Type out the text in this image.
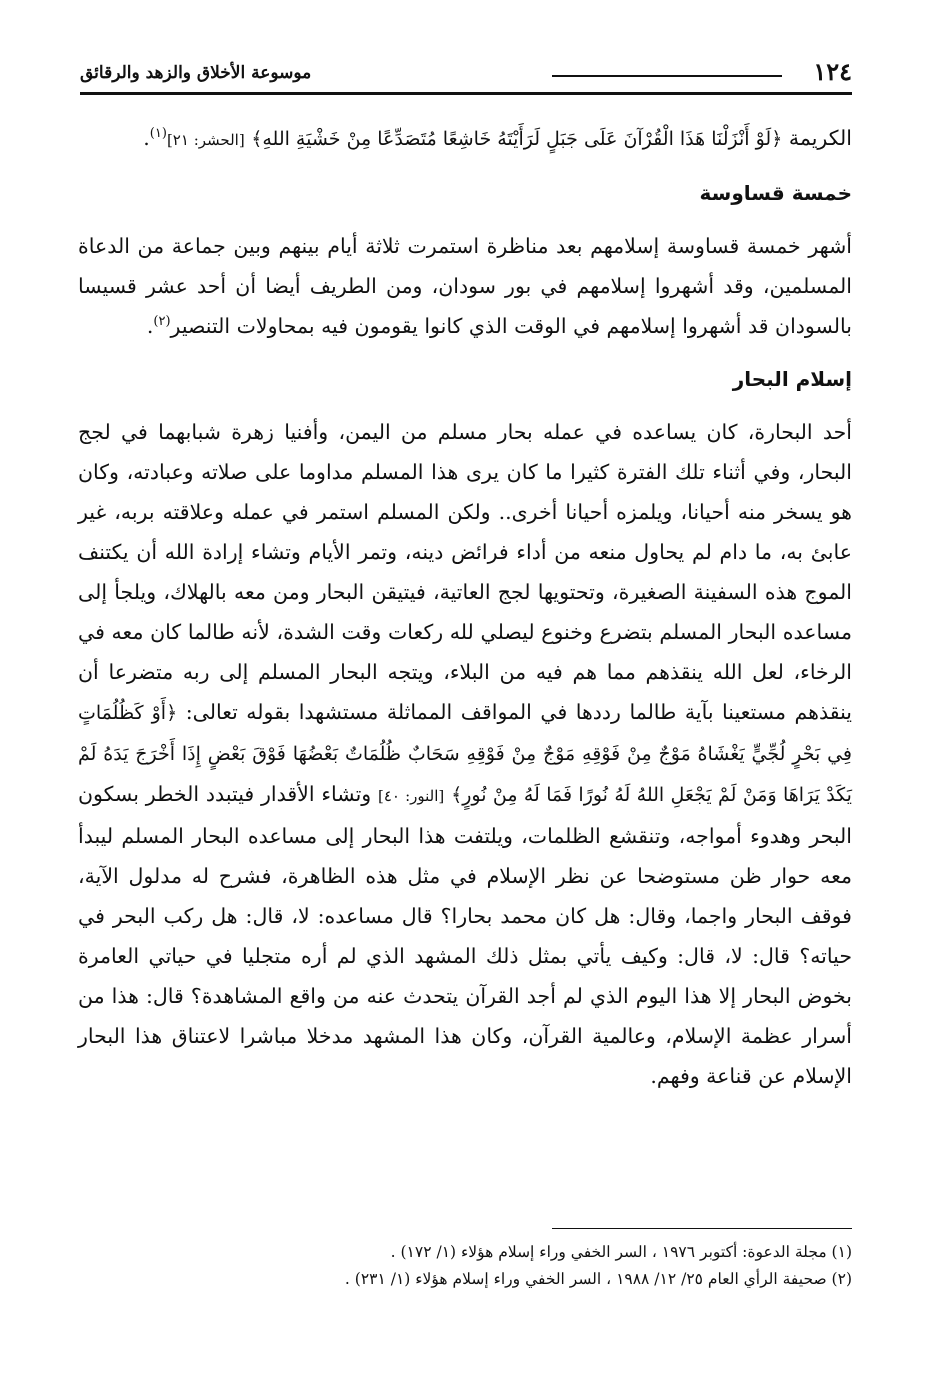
١٢٤
موسوعة الأخلاق والزهد والرقائق

الكريمة ﴿لَوْ أَنْزَلْنَا هَذَا الْقُرْآنَ عَلَى جَبَلٍ لَرَأَيْتَهُ خَاشِعًا مُتَصَدِّعًا مِنْ خَشْيَةِ اللهِ﴾ [الحشر: ٢١]$^{(١)}$.

خمسة قساوسة

أشهر خمسة قساوسة إسلامهم بعد مناظرة استمرت ثلاثة أيام بينهم وبين جماعة من الدعاة المسلمين، وقد أشهروا إسلامهم في بور سودان، ومن الطريف أيضا أن أحد عشر قسيسا بالسودان قد أشهروا إسلامهم في الوقت الذي كانوا يقومون فيه بمحاولات التنصير$^{(٢)}$.

إسلام البحار

أحد البحارة، كان يساعده في عمله بحار مسلم من اليمن، وأفنيا زهرة شبابهما في لجج البحار، وفي أثناء تلك الفترة كثيرا ما كان يرى هذا المسلم مداوما على صلاته وعبادته، وكان هو يسخر منه أحيانا، ويلمزه أحيانا أخرى.. ولكن المسلم استمر في عمله وعلاقته بربه، غير عابئ به، ما دام لم يحاول منعه من أداء فرائض دينه، وتمر الأيام وتشاء إرادة الله أن يكتنف الموج هذه السفينة الصغيرة، وتحتويها لجج العاتية، فيتيقن البحار ومن معه بالهلاك، ويلجأ إلى مساعده البحار المسلم بتضرع وخنوع ليصلي لله ركعات وقت الشدة، لأنه طالما كان معه في الرخاء، لعل الله ينقذهم مما هم فيه من البلاء، ويتجه البحار المسلم إلى ربه متضرعا أن ينقذهم مستعينا بآية طالما رددها في المواقف المماثلة مستشهدا بقوله تعالى: ﴿أَوْ كَظُلُمَاتٍ فِي بَحْرٍ لُجِّيٍّ يَغْشَاهُ مَوْجٌ مِنْ فَوْقِهِ مَوْجٌ مِنْ فَوْقِهِ سَحَابٌ ظُلُمَاتٌ بَعْضُهَا فَوْقَ بَعْضٍ إِذَا أَخْرَجَ يَدَهُ لَمْ يَكَدْ يَرَاهَا وَمَنْ لَمْ يَجْعَلِ اللهُ لَهُ نُورًا فَمَا لَهُ مِنْ نُورٍ﴾ [النور: ٤٠] وتشاء الأقدار فيتبدد الخطر بسكون البحر وهدوء أمواجه، وتنقشع الظلمات، ويلتفت هذا البحار إلى مساعده البحار المسلم ليبدأ معه حوار ظن مستوضحا عن نظر الإسلام في مثل هذه الظاهرة، فشرح له مدلول الآية، فوقف البحار واجما، وقال: هل كان محمد بحارا؟ قال مساعده: لا، قال: هل ركب البحر في حياته؟ قال: لا، قال: وكيف يأتي بمثل ذلك المشهد الذي لم أره متجليا في حياتي العامرة بخوض البحار إلا هذا اليوم الذي لم أجد القرآن يتحدث عنه من واقع المشاهدة؟ قال: هذا من أسرار عظمة الإسلام، وعالمية القرآن، وكان هذا المشهد مدخلا مباشرا لاعتناق هذا البحار الإسلام عن قناعة وفهم.

(١) مجلة الدعوة: أكتوبر ١٩٧٦ ، السر الخفي وراء إسلام هؤلاء (١/ ١٧٢) .

(٢) صحيفة الرأي العام ٢٥/ ١٢/ ١٩٨٨ ، السر الخفي وراء إسلام هؤلاء (١/ ٢٣١) .
